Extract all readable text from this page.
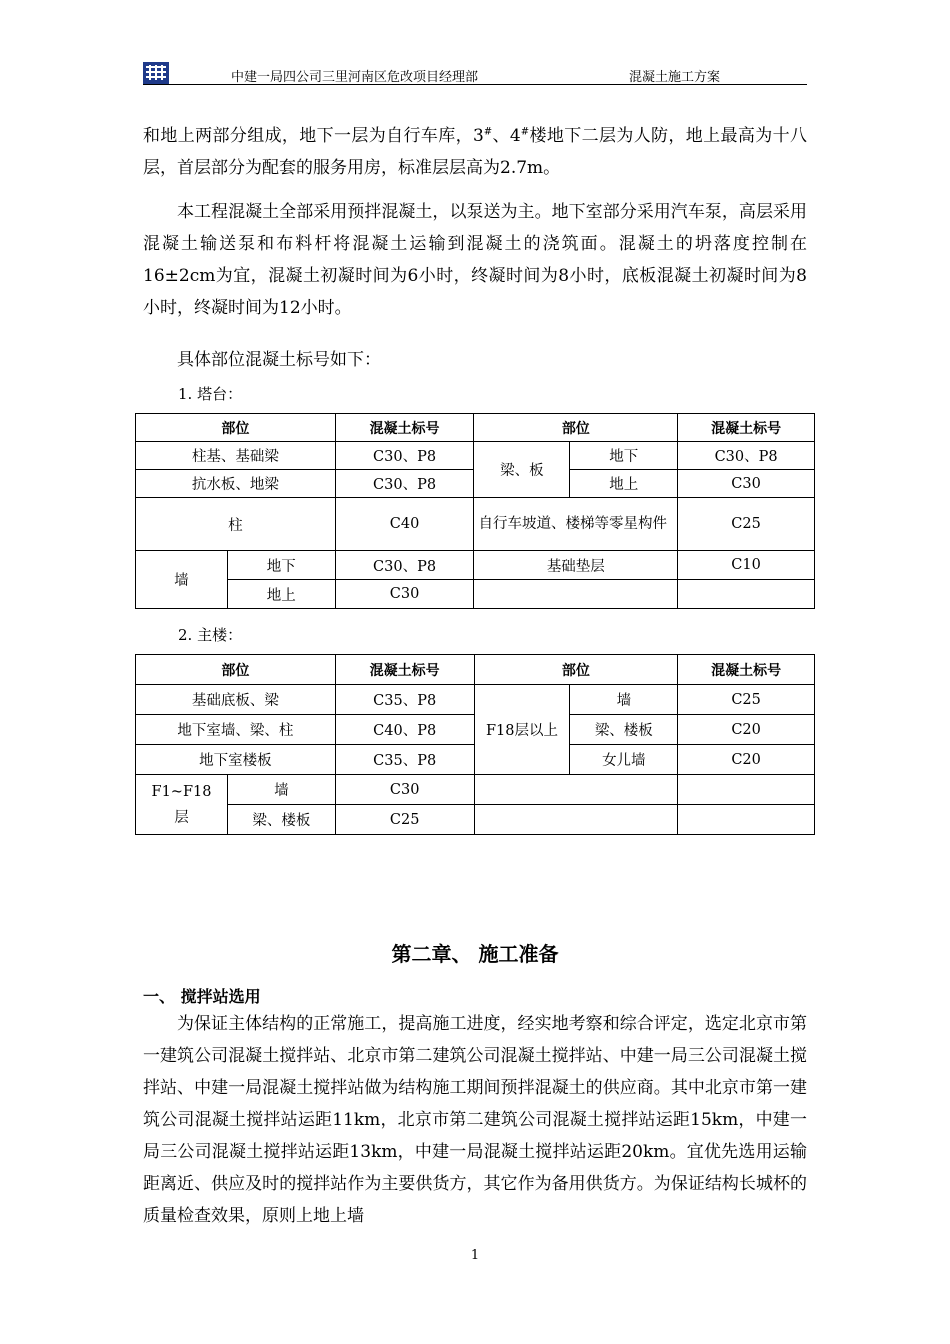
中建一局四公司三里河南区危改项目经理部	混凝土施工方案

和地上两部分组成，地下一层为自行车库，3#、4#楼地下二层为人防，地上最高为十八层，首层部分为配套的服务用房，标准层层高为2.7m。

本工程混凝土全部采用预拌混凝土，以泵送为主。地下室部分采用汽车泵，高层采用混凝土输送泵和布料杆将混凝土运输到混凝土的浇筑面。混凝土的坍落度控制在16±2cm为宜，混凝土初凝时间为6小时，终凝时间为8小时，底板混凝土初凝时间为8小时，终凝时间为12小时。

具体部位混凝土标号如下：

1. 塔台：

部位		混凝土标号	部位		混凝土标号
柱基、基础梁		C30、P8	梁、板	地下	C30、P8
抗水板、地梁		C30、P8		地上	C30
柱		C40	自行车坡道、楼梯等零星构件		C25
墙	地下	C30、P8	基础垫层		C10
	地上	C30			

2. 主楼：

部位		混凝土标号	部位		混凝土标号
基础底板、梁		C35、P8	F18层以上	墙	C25
地下室墙、梁、柱		C40、P8		梁、楼板	C20
地下室楼板		C35、P8		女儿墙	C20
F1~F18层	墙	C30			
	梁、楼板	C25			
第二章、 施工准备
一、 搅拌站选用

为保证主体结构的正常施工，提高施工进度，经实地考察和综合评定，选定北京市第一建筑公司混凝土搅拌站、北京市第二建筑公司混凝土搅拌站、中建一局三公司混凝土搅拌站、中建一局混凝土搅拌站做为结构施工期间预拌混凝土的供应商。其中北京市第一建筑公司混凝土搅拌站运距11km，北京市第二建筑公司混凝土搅拌站运距15km，中建一局三公司混凝土搅拌站运距13km，中建一局混凝土搅拌站运距20km。宜优先选用运输距离近、供应及时的搅拌站作为主要供货方，其它作为备用供货方。为保证结构长城杯的质量检查效果，原则上地上墙

1
